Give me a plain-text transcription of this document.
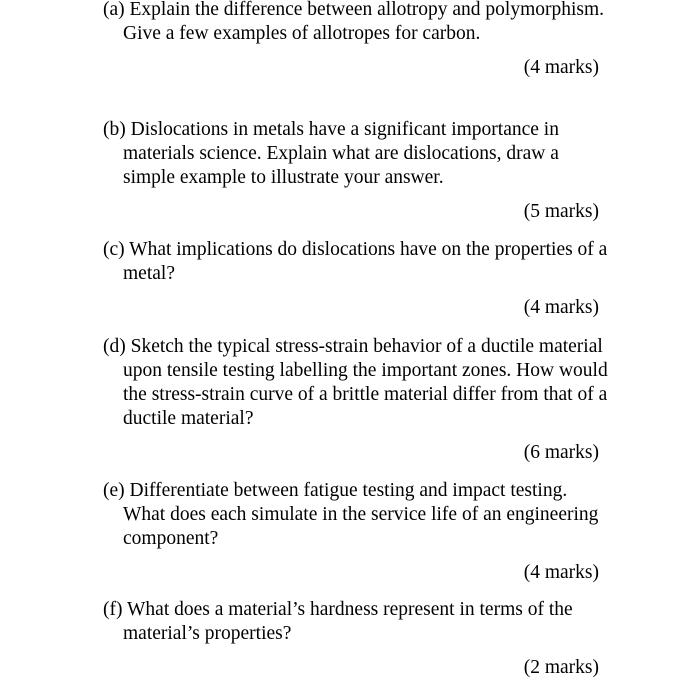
(a) Explain the difference between allotropy and polymorphism. Give a few examples of allotropes for carbon.

(4 marks)

(b) Dislocations in metals have a significant importance in materials science. Explain what are dislocations, draw a simple example to illustrate your answer.

(5 marks)

(c) What implications do dislocations have on the properties of a metal?

(4 marks)

(d) Sketch the typical stress-strain behavior of a ductile material upon tensile testing labelling the important zones. How would the stress-strain curve of a brittle material differ from that of a ductile material?

(6 marks)

(e) Differentiate between fatigue testing and impact testing. What does each simulate in the service life of an engineering component?

(4 marks)

(f) What does a material’s hardness represent in terms of the material’s properties?

(2 marks)
